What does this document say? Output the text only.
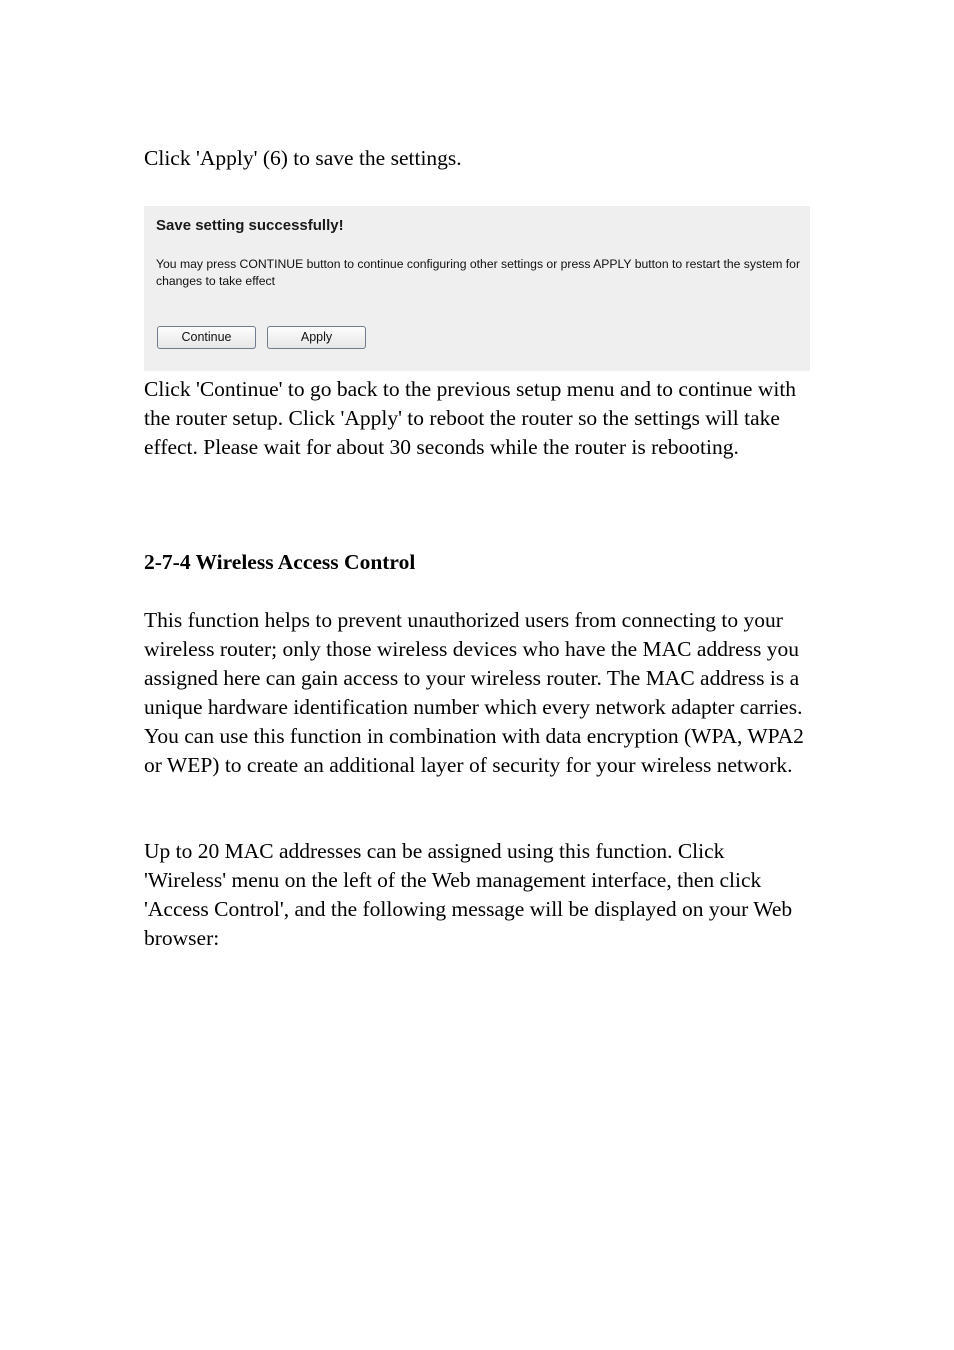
Click 'Apply' (6) to save the settings.

Save setting successfully!
You may press CONTINUE button to continue configuring other settings or press APPLY button to restart the system for changes to take effect
Continue	Apply

Click 'Continue' to go back to the previous setup menu and to continue with the router setup. Click 'Apply' to reboot the router so the settings will take effect. Please wait for about 30 seconds while the router is rebooting.

2-7-4 Wireless Access Control

This function helps to prevent unauthorized users from connecting to your wireless router; only those wireless devices who have the MAC address you assigned here can gain access to your wireless router. The MAC address is a unique hardware identification number which every network adapter carries. You can use this function in combination with data encryption (WPA, WPA2 or WEP) to create an additional layer of security for your wireless network.

Up to 20 MAC addresses can be assigned using this function. Click 'Wireless' menu on the left of the Web management interface, then click 'Access Control', and the following message will be displayed on your Web browser:
